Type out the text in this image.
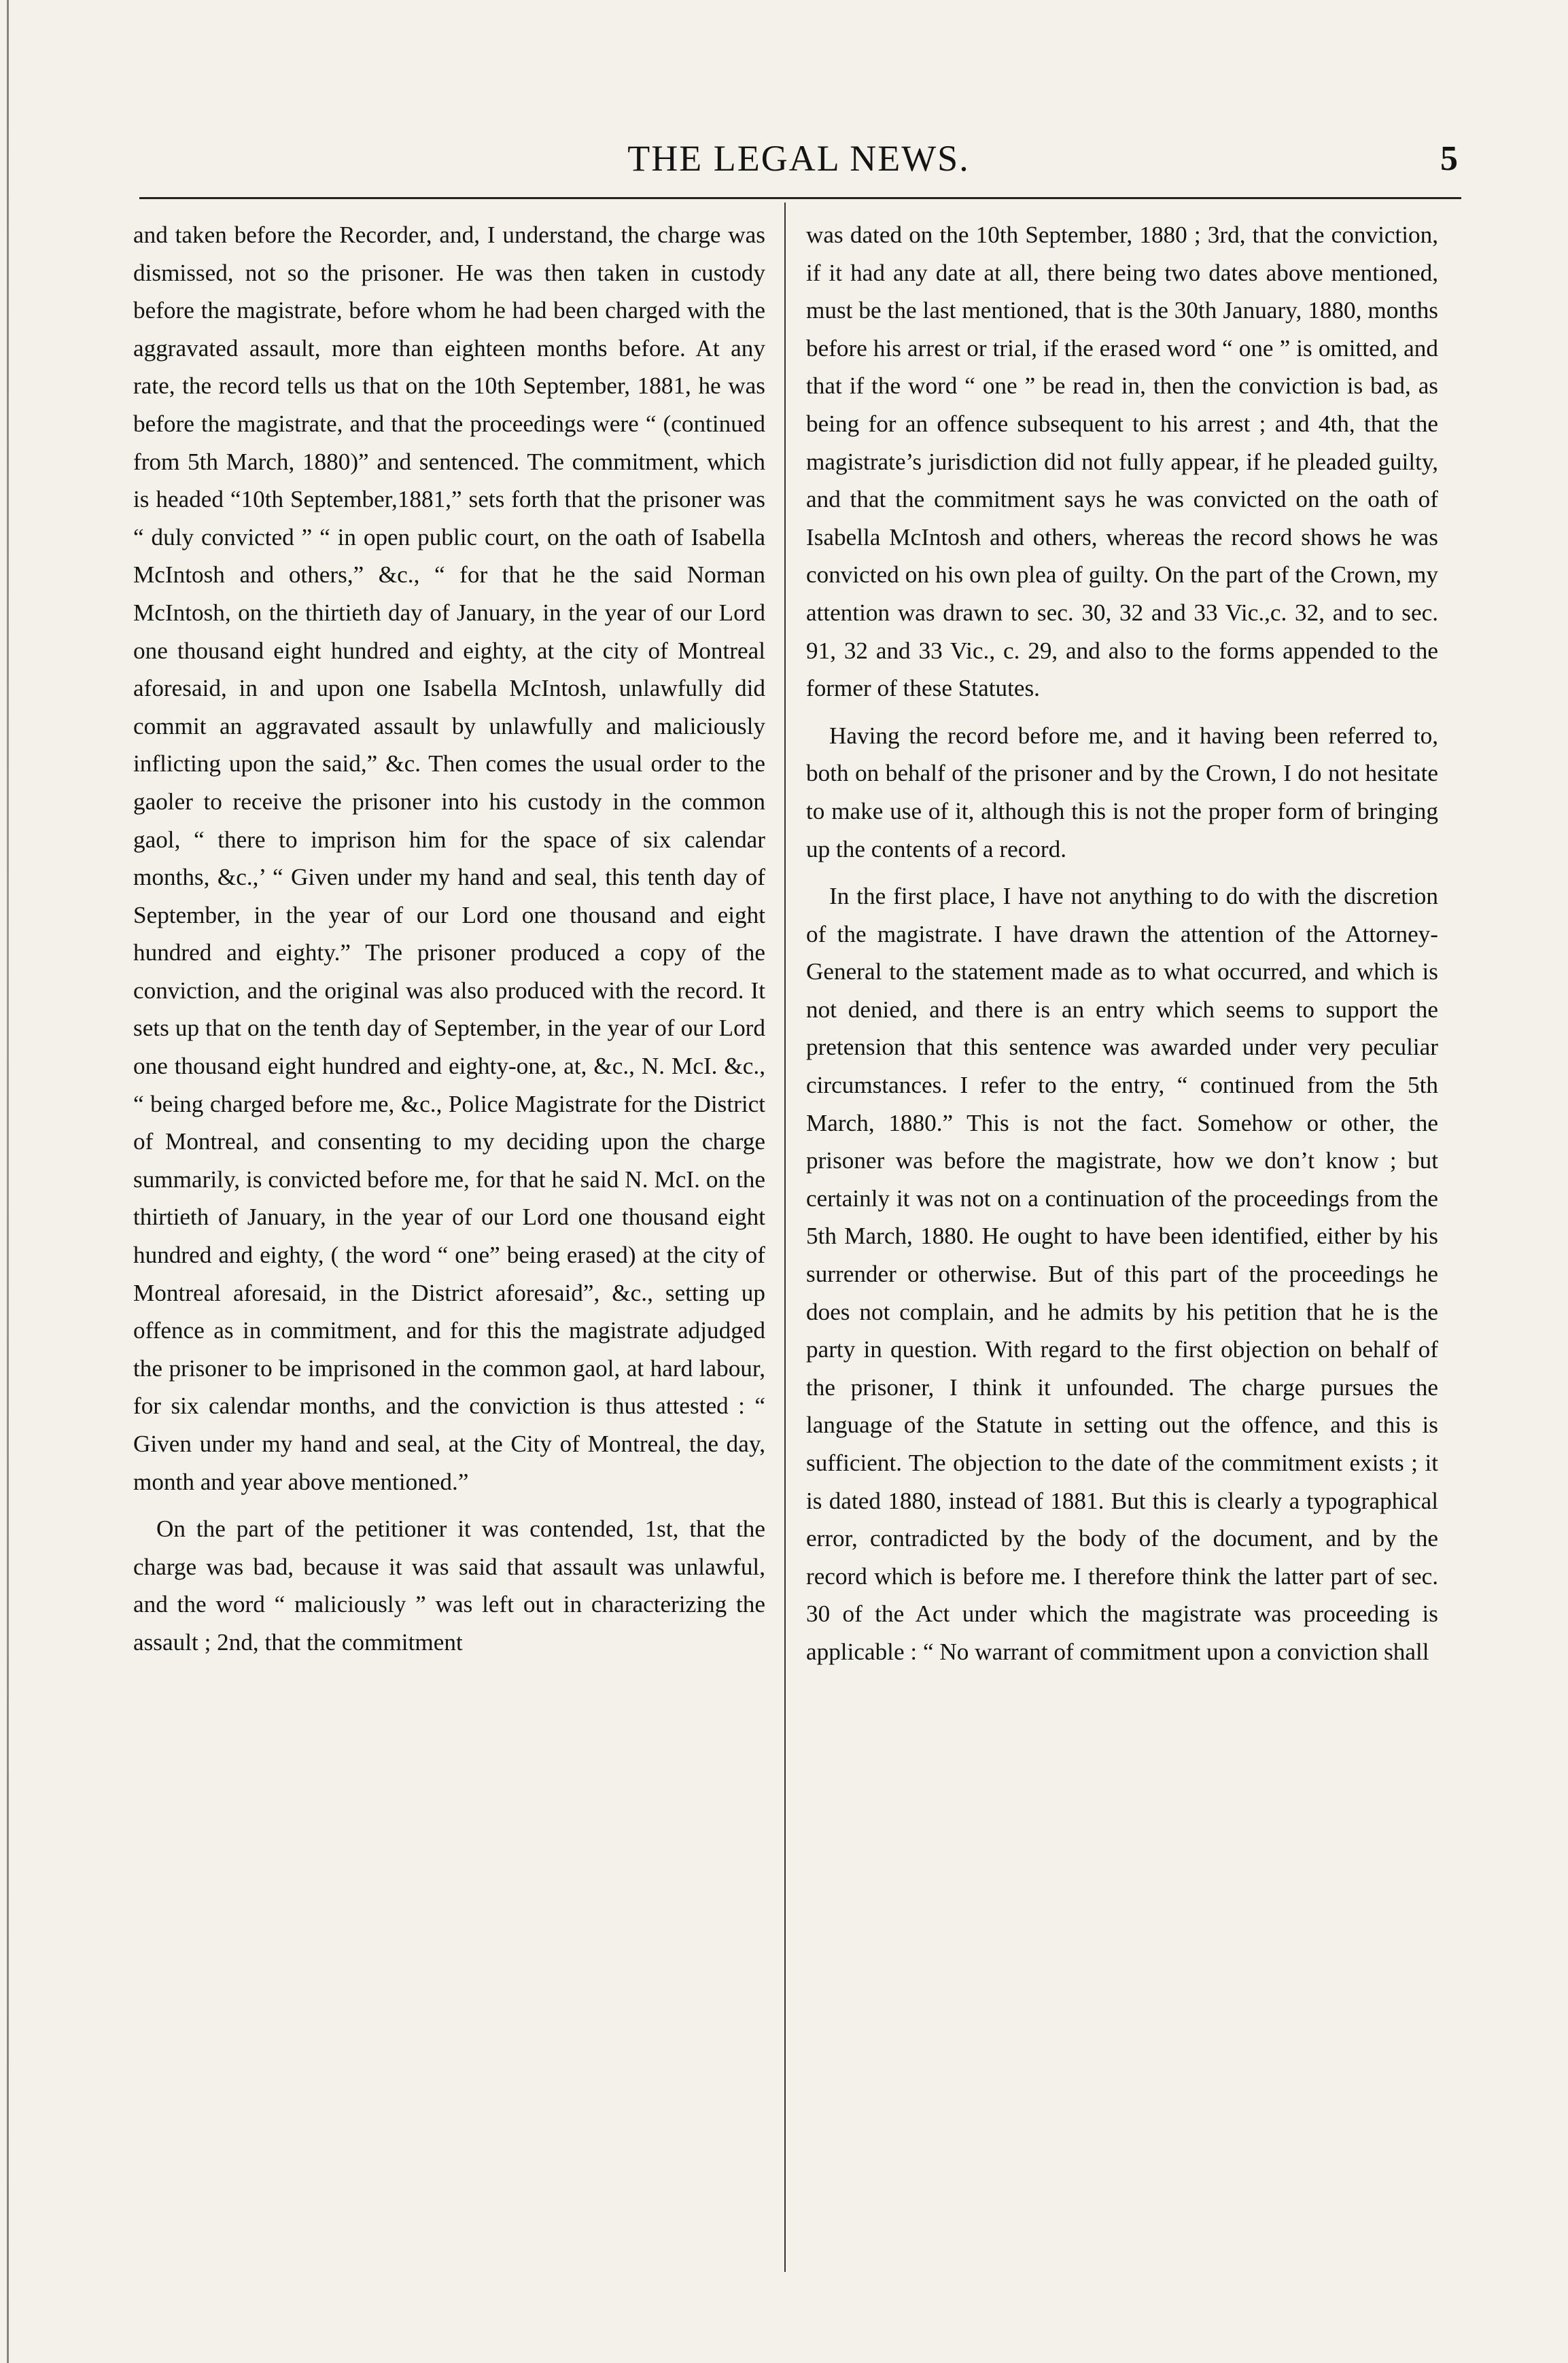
THE LEGAL NEWS.	5

and taken before the Recorder, and, I understand, the charge was dismissed, not so the prisoner. He was then taken in custody before the magistrate, before whom he had been charged with the aggravated assault, more than eighteen months before. At any rate, the record tells us that on the 10th September, 1881, he was before the magistrate, and that the proceedings were “ (continued from 5th March, 1880)” and sentenced. The commitment, which is headed “10th September,1881,” sets forth that the prisoner was “ duly convicted ” “ in open public court, on the oath of Isabella McIntosh and others,” &c., “ for that he the said Norman McIntosh, on the thirtieth day of January, in the year of our Lord one thousand eight hundred and eighty, at the city of Montreal aforesaid, in and upon one Isabella McIntosh, unlawfully did commit an aggravated assault by unlawfully and maliciously inflicting upon the said,” &c. Then comes the usual order to the gaoler to receive the prisoner into his custody in the common gaol, “ there to imprison him for the space of six calendar months, &c.,’ “ Given under my hand and seal, this tenth day of September, in the year of our Lord one thousand and eight hundred and eighty.” The prisoner produced a copy of the conviction, and the original was also produced with the record. It sets up that on the tenth day of September, in the year of our Lord one thousand eight hundred and eighty-one, at, &c., N. McI. &c., “ being charged before me, &c., Police Magistrate for the District of Montreal, and consenting to my deciding upon the charge summarily, is convicted before me, for that he said N. McI. on the thirtieth of January, in the year of our Lord one thousand eight hundred and eighty, ( the word “ one” being erased) at the city of Montreal aforesaid, in the District aforesaid”, &c., setting up offence as in commitment, and for this the magistrate adjudged the prisoner to be imprisoned in the common gaol, at hard labour, for six calendar months, and the conviction is thus attested : “ Given under my hand and seal, at the City of Montreal, the day, month and year above mentioned.”

On the part of the petitioner it was contended, 1st, that the charge was bad, because it was said that assault was unlawful, and the word “ maliciously ” was left out in characterizing the assault ; 2nd, that the commitment

was dated on the 10th September, 1880 ; 3rd, that the conviction, if it had any date at all, there being two dates above mentioned, must be the last mentioned, that is the 30th January, 1880, months before his arrest or trial, if the erased word “ one ” is omitted, and that if the word “ one ” be read in, then the conviction is bad, as being for an offence subsequent to his arrest ; and 4th, that the magistrate’s jurisdiction did not fully appear, if he pleaded guilty, and that the commitment says he was convicted on the oath of Isabella McIntosh and others, whereas the record shows he was convicted on his own plea of guilty. On the part of the Crown, my attention was drawn to sec. 30, 32 and 33 Vic.,c. 32, and to sec. 91, 32 and 33 Vic., c. 29, and also to the forms appended to the former of these Statutes.

Having the record before me, and it having been referred to, both on behalf of the prisoner and by the Crown, I do not hesitate to make use of it, although this is not the proper form of bringing up the contents of a record.

In the first place, I have not anything to do with the discretion of the magistrate. I have drawn the attention of the Attorney-General to the statement made as to what occurred, and which is not denied, and there is an entry which seems to support the pretension that this sentence was awarded under very peculiar circumstances. I refer to the entry, “ continued from the 5th March, 1880.” This is not the fact. Somehow or other, the prisoner was before the magistrate, how we don’t know ; but certainly it was not on a continuation of the proceedings from the 5th March, 1880. He ought to have been identified, either by his surrender or otherwise. But of this part of the proceedings he does not complain, and he admits by his petition that he is the party in question. With regard to the first objection on behalf of the prisoner, I think it unfounded. The charge pursues the language of the Statute in setting out the offence, and this is sufficient. The objection to the date of the commitment exists ; it is dated 1880, instead of 1881. But this is clearly a typographical error, contradicted by the body of the document, and by the record which is before me. I therefore think the latter part of sec. 30 of the Act under which the magistrate was proceeding is applicable : “ No warrant of commitment upon a conviction shall
